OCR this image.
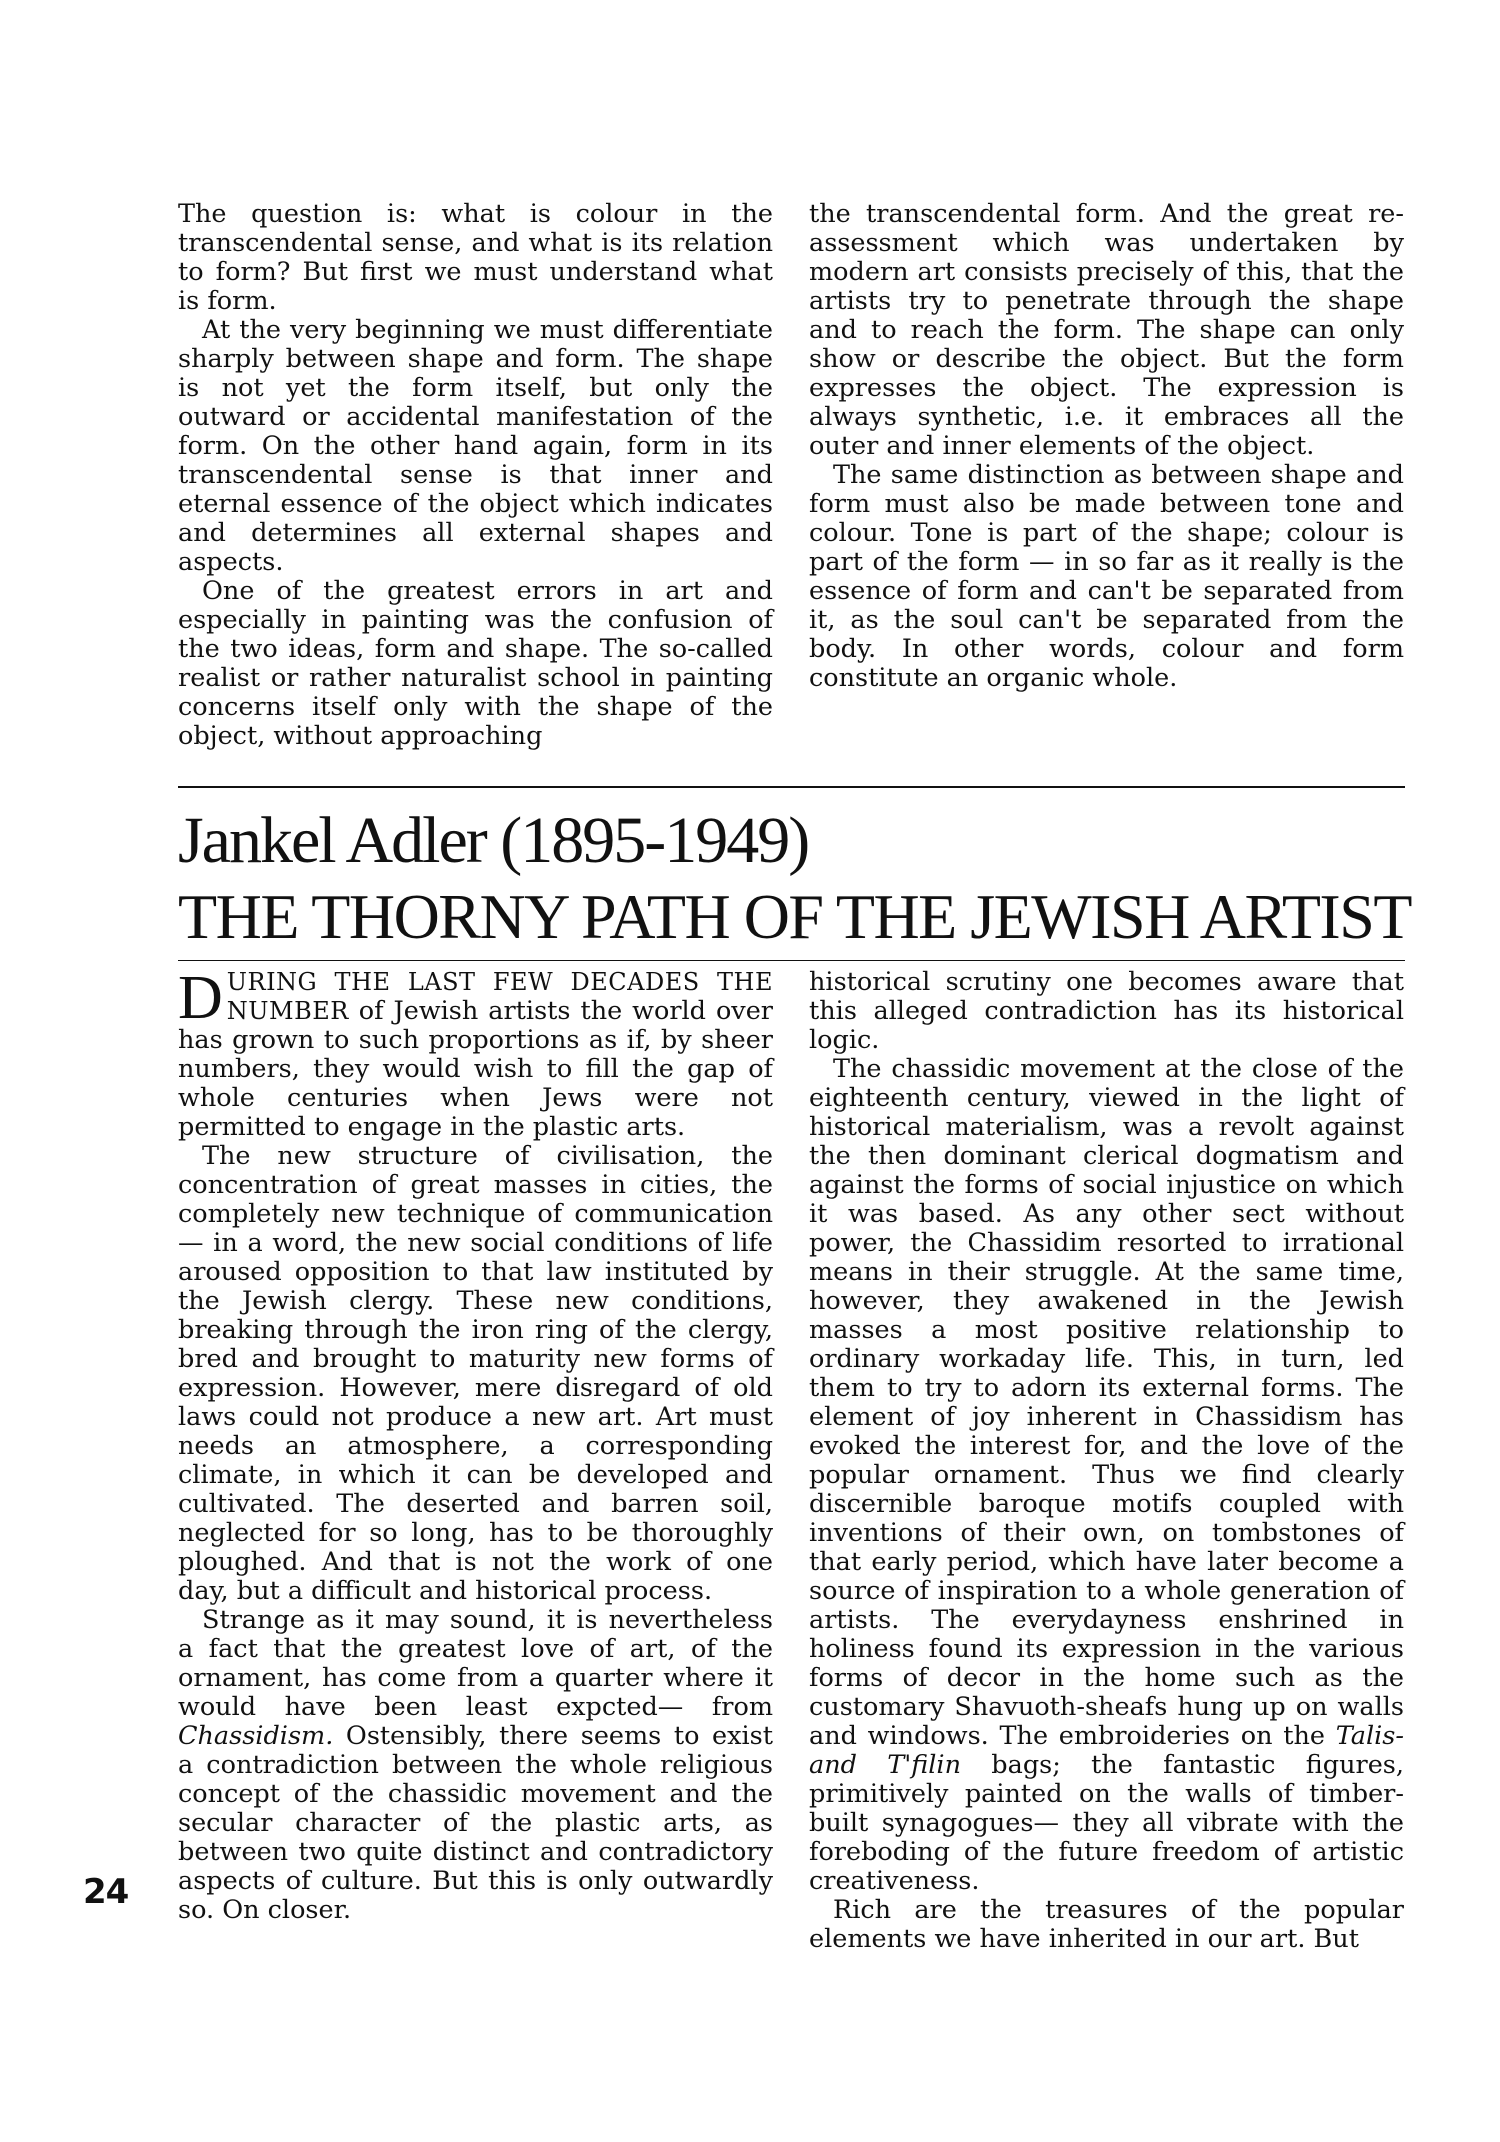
The question is: what is colour in the transcendental sense, and what is its relation to form? But first we must understand what is form.

At the very beginning we must differentiate sharply between shape and form. The shape is not yet the form itself, but only the outward or accidental manifestation of the form. On the other hand again, form in its transcendental sense is that inner and eternal essence of the object which indicates and determines all external shapes and aspects.

One of the greatest errors in art and especially in painting was the confusion of the two ideas, form and shape. The so-called realist or rather naturalist school in painting concerns itself only with the shape of the object, without approaching

the transcendental form. And the great re-assessment which was undertaken by modern art consists precisely of this, that the artists try to penetrate through the shape and to reach the form. The shape can only show or describe the object. But the form expresses the object. The expression is always synthetic, i.e. it embraces all the outer and inner elements of the object.

The same distinction as between shape and form must also be made between tone and colour. Tone is part of the shape; colour is part of the form — in so far as it really is the essence of form and can't be separated from it, as the soul can't be separated from the body. In other words, colour and form constitute an organic whole.

Jankel Adler (1895-1949)
THE THORNY PATH OF THE JEWISH ARTIST

DURING THE LAST FEW DECADES THE NUMBER of Jewish artists the world over has grown to such proportions as if, by sheer numbers, they would wish to fill the gap of whole centuries when Jews were not permitted to engage in the plastic arts.

The new structure of civilisation, the concentration of great masses in cities, the completely new technique of communication — in a word, the new social conditions of life aroused opposition to that law instituted by the Jewish clergy. These new conditions, breaking through the iron ring of the clergy, bred and brought to maturity new forms of expression. However, mere disregard of old laws could not produce a new art. Art must needs an atmosphere, a corresponding climate, in which it can be developed and cultivated. The deserted and barren soil, neglected for so long, has to be thoroughly ploughed. And that is not the work of one day, but a difficult and historical process.

Strange as it may sound, it is nevertheless a fact that the greatest love of art, of the ornament, has come from a quarter where it would have been least expcted— from Chassidism. Ostensibly, there seems to exist a contradiction between the whole religious concept of the chassidic movement and the secular character of the plastic arts, as between two quite distinct and contradictory aspects of culture. But this is only outwardly so. On closer.

historical scrutiny one becomes aware that this alleged contradiction has its historical logic.

The chassidic movement at the close of the eighteenth century, viewed in the light of historical materialism, was a revolt against the then dominant clerical dogmatism and against the forms of social injustice on which it was based. As any other sect without power, the Chassidim resorted to irrational means in their struggle. At the same time, however, they awakened in the Jewish masses a most positive relationship to ordinary workaday life. This, in turn, led them to try to adorn its external forms. The element of joy inherent in Chassidism has evoked the interest for, and the love of the popular ornament. Thus we find clearly discernible baroque motifs coupled with inventions of their own, on tombstones of that early period, which have later become a source of inspiration to a whole generation of artists. The everydayness enshrined in holiness found its expression in the various forms of decor in the home such as the customary Shavuoth-sheafs hung up on walls and windows. The embroideries on the Talis-and T'filin bags; the fantastic figures, primitively painted on the walls of timber-built synagogues— they all vibrate with the foreboding of the future freedom of artistic creativeness.

Rich are the treasures of the popular elements we have inherited in our art. But

24
